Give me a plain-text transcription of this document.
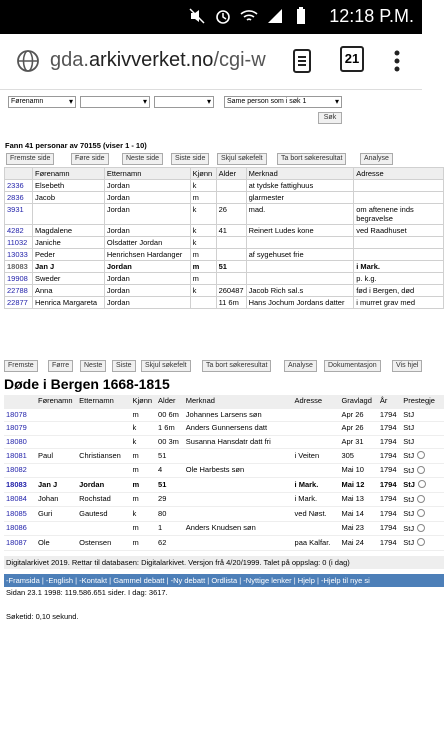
12:18 P.M.
gda.arkivverket.no/cgi-w	21
Førenamn ▾ ▾ ▾	Same person som i søk 1 ▾
Søk
Fann 41 personar av 70155 (viser 1 - 10)
Fremste side	Føre side	Neste side	Siste side	Skjul søkefelt	Ta bort søkeresultat	Analyse
	Førenamn	Etternamn	Kjønn	Alder	Merknad	Adresse
2336	Elsebeth	Jordan	k		at tydske fattighuus	
2836	Jacob	Jordan	m		glarmester	
3931		Jordan	k	26	mad.	om aftenene inds begravelse
4282	Magdalene	Jordan	k	41	Reinert Ludes kone	ved Raadhuset
11032	Janiche	Olsdatter Jordan	k			
13033	Peder	Henrichsen Hardanger	m		af sygehuset frie	
18083	Jan J	Jordan	m	51		i Mark.
19908	Sweder	Jordan	m			p. k.g.
22788	Anna	Jordan	k	260487	Jacob Rich sal.s	fød i Bergen, død
22877	Henrica Margareta	Jordan		11 6m	Hans Jochum Jordans datter	i murret grav med
Fremste	Førre	Neste	Siste	Skjul søkefelt	Ta bort søkeresultat	Analyse	Dokumentasjon	Vis hjel
Døde i Bergen 1668-1815
	Førenamn	Etternamn	Kjønn	Alder	Merknad	Adresse	Gravlagd	År	Prestegje
18078			m	00 6m	Johannes Larsens søn		Apr 26	1794	StJ
18079			k	1 6m	Anders Gunnersens datt		Apr 26	1794	StJ
18080			k	00 3m	Susanna Hansdatr datt fri		Apr 31	1794	StJ
18081	Paul	Christiansen	m	51		i Veiten	305	1794	StJ
18082			m	4	Ole Harbests søn		Mai 10	1794	StJ
18083	Jan J	Jordan	m	51		i Mark.	Mai 12	1794	StJ
18084	Johan	Rochstad	m	29		i Mark.	Mai 13	1794	StJ
18085	Guri	Gautesd	k	80		ved Nøst.	Mai 14	1794	StJ
18086			m	1	Anders Knudsen søn		Mai 23	1794	StJ
18087	Ole	Ostensen	m	62		paa Kalfar.	Mai 24	1794	StJ
Digitalarkivet 2019. Rettar til databasen: Digitalarkivet. Versjon frå 4/20/1999. Talet på oppslag: 0 (i dag)
-Framsida | -English | -Kontakt | Gammel debatt | -Ny debatt | Ordlista | -Nyttige lenker | Hjelp | -Hjelp til nye si
Sidan 23.1 1998: 119.586.651 sider. I dag: 3617.
Søketid: 0,10 sekund.
